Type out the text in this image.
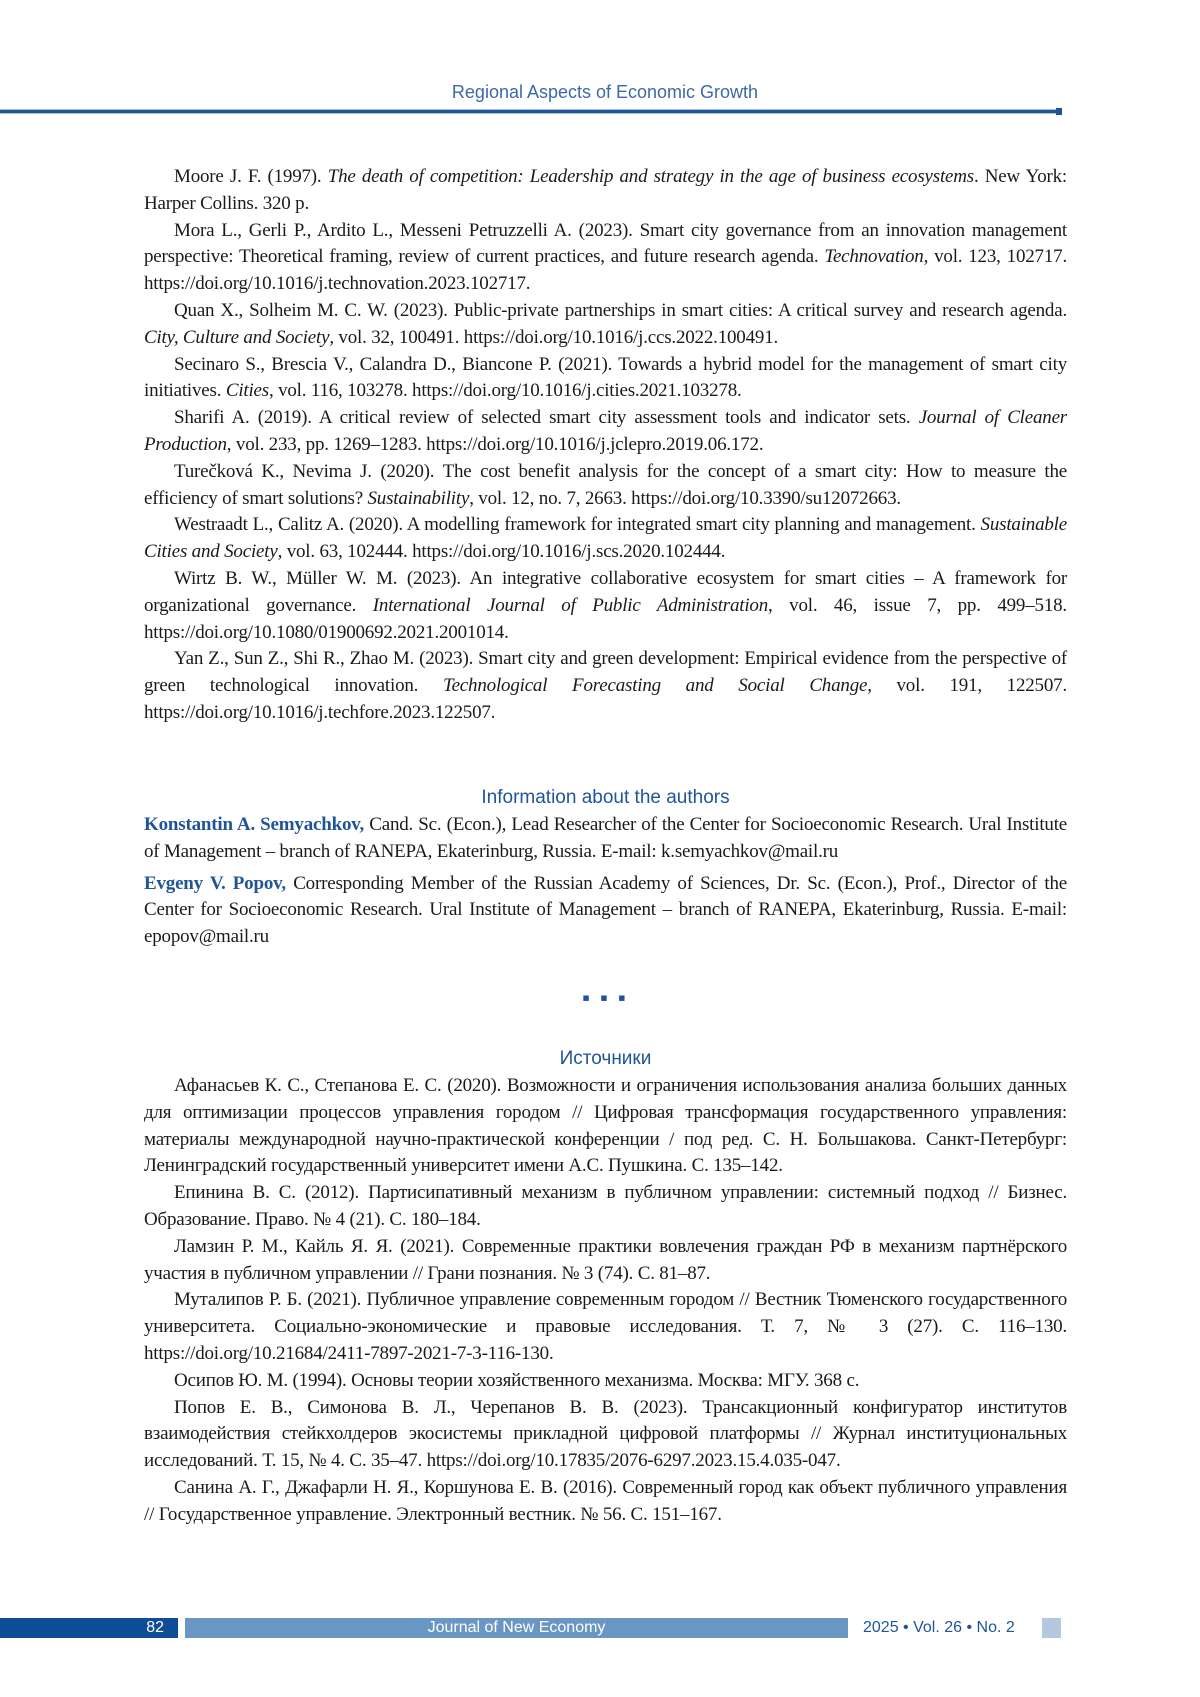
Regional Aspects of Economic Growth

Moore J. F. (1997). The death of competition: Leadership and strategy in the age of business ecosystems. New York: Harper Collins. 320 p.

Mora L., Gerli P., Ardito L., Messeni Petruzzelli A. (2023). Smart city governance from an innovation management perspective: Theoretical framing, review of current practices, and future research agenda. Technovation, vol. 123, 102717. https://doi.org/10.1016/j.technovation.2023.102717.

Quan X., Solheim M. C. W. (2023). Public-private partnerships in smart cities: A critical survey and research agenda. City, Culture and Society, vol. 32, 100491. https://doi.org/10.1016/j.ccs.2022.100491.

Secinaro S., Brescia V., Calandra D., Biancone P. (2021). Towards a hybrid model for the management of smart city initiatives. Cities, vol. 116, 103278. https://doi.org/10.1016/j.cities.2021.103278.

Sharifi A. (2019). A critical review of selected smart city assessment tools and indicator sets. Journal of Cleaner Production, vol. 233, pp. 1269–1283. https://doi.org/10.1016/j.jclepro.2019.06.172.

Turečková K., Nevima J. (2020). The cost benefit analysis for the concept of a smart city: How to measure the efficiency of smart solutions? Sustainability, vol. 12, no. 7, 2663. https://doi.org/10.3390/su12072663.

Westraadt L., Calitz A. (2020). A modelling framework for integrated smart city planning and management. Sustainable Cities and Society, vol. 63, 102444. https://doi.org/10.1016/j.scs.2020.102444.

Wirtz B. W., Müller W. M. (2023). An integrative collaborative ecosystem for smart cities – A framework for organizational governance. International Journal of Public Administration, vol. 46, issue 7, pp. 499–518. https://doi.org/10.1080/01900692.2021.2001014.

Yan Z., Sun Z., Shi R., Zhao M. (2023). Smart city and green development: Empirical evidence from the perspective of green technological innovation. Technological Forecasting and Social Change, vol. 191, 122507. https://doi.org/10.1016/j.techfore.2023.122507.

Information about the authors

Konstantin A. Semyachkov, Cand. Sc. (Econ.), Lead Researcher of the Center for Socioeconomic Research. Ural Institute of Management – branch of RANEPA, Ekaterinburg, Russia. E-mail: k.semyachkov@mail.ru

Evgeny V. Popov, Corresponding Member of the Russian Academy of Sciences, Dr. Sc. (Econ.), Prof., Director of the Center for Socioeconomic Research. Ural Institute of Management – branch of RANEPA, Ekaterinburg, Russia. E-mail: epopov@mail.ru

▪ ▪ ▪
Источники

Афанасьев К. С., Степанова Е. С. (2020). Возможности и ограничения использования анализа больших данных для оптимизации процессов управления городом // Цифровая трансформация государственного управления: материалы международной научно-практической конференции / под ред. С. Н. Большакова. Санкт-Петербург: Ленинградский государственный университет имени А.С. Пушкина. С. 135–142.

Епинина В. С. (2012). Партисипативный механизм в публичном управлении: системный подход // Бизнес. Образование. Право. № 4 (21). С. 180–184.

Ламзин Р. М., Кайль Я. Я. (2021). Современные практики вовлечения граждан РФ в механизм партнёрского участия в публичном управлении // Грани познания. № 3 (74). С. 81–87.

Муталипов Р. Б. (2021). Публичное управление современным городом // Вестник Тюменского государственного университета. Социально-экономические и правовые исследования. Т. 7, № 3 (27). С. 116–130. https://doi.org/10.21684/2411-7897-2021-7-3-116-130.

Осипов Ю. М. (1994). Основы теории хозяйственного механизма. Москва: МГУ. 368 с.

Попов Е. В., Симонова В. Л., Черепанов В. В. (2023). Трансакционный конфигуратор институтов взаимодействия стейкхолдеров экосистемы прикладной цифровой платформы // Журнал институциональных исследований. Т. 15, № 4. С. 35–47. https://doi.org/10.17835/2076-6297.2023.15.4.035-047.

Санина А. Г., Джафарли Н. Я., Коршунова Е. В. (2016). Современный город как объект публичного управления // Государственное управление. Электронный вестник. № 56. С. 151–167.

82	Journal of New Economy	2025 • Vol. 26 • No. 2
